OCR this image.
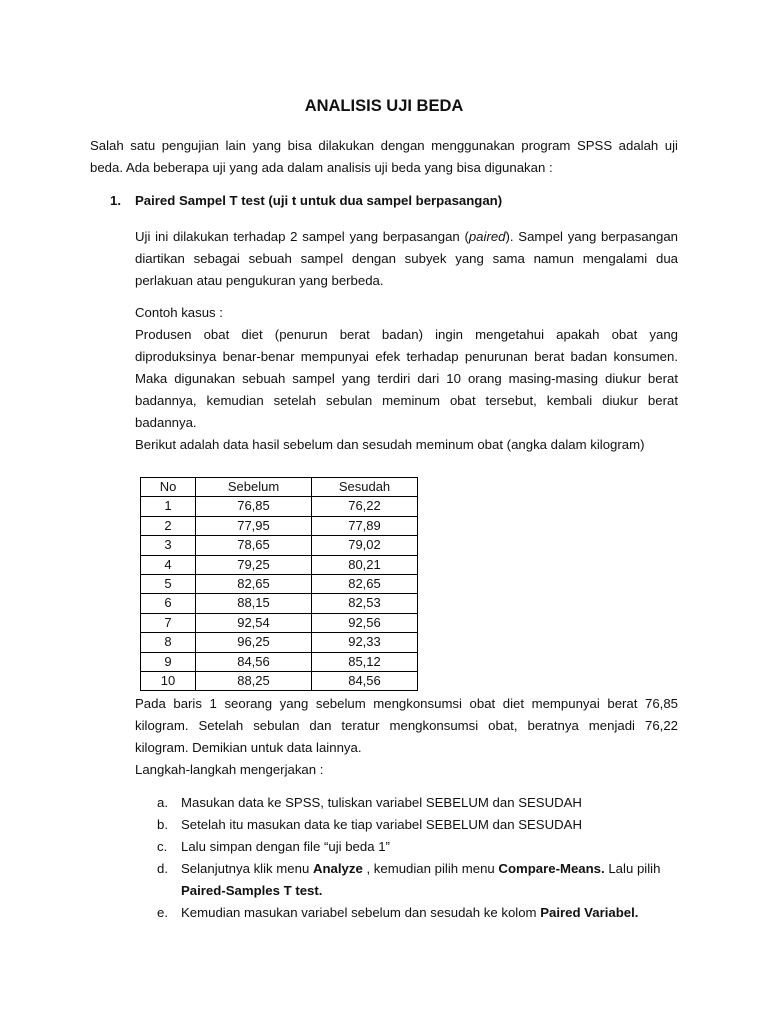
ANALISIS UJI BEDA

Salah satu pengujian lain yang bisa dilakukan dengan menggunakan program SPSS adalah uji beda. Ada beberapa uji yang ada dalam analisis uji beda yang bisa digunakan :

1. Paired Sampel T test (uji t untuk dua sampel berpasangan)

Uji ini dilakukan terhadap 2 sampel yang berpasangan (paired). Sampel yang berpasangan diartikan sebagai sebuah sampel dengan subyek yang sama namun mengalami dua perlakuan atau pengukuran yang berbeda.

Contoh kasus :

Produsen obat diet (penurun berat badan) ingin mengetahui apakah obat yang diproduksinya benar-benar mempunyai efek terhadap penurunan berat badan konsumen. Maka digunakan sebuah sampel yang terdiri dari 10 orang masing-masing diukur berat badannya, kemudian setelah sebulan meminum obat tersebut, kembali diukur berat badannya.

Berikut adalah data hasil sebelum dan sesudah meminum obat (angka dalam kilogram)
No	Sebelum	Sesudah
1	76,85	76,22
2	77,95	77,89
3	78,65	79,02
4	79,25	80,21
5	82,65	82,65
6	88,15	82,53
7	92,54	92,56
8	96,25	92,33
9	84,56	85,12
10	88,25	84,56

Pada baris 1 seorang yang sebelum mengkonsumsi obat diet mempunyai berat 76,85 kilogram. Setelah sebulan dan teratur mengkonsumsi obat, beratnya menjadi 76,22 kilogram. Demikian untuk data lainnya.

Langkah-langkah mengerjakan :
a. Masukan data ke SPSS, tuliskan variabel SEBELUM dan SESUDAH
b. Setelah itu masukan data ke tiap variabel SEBELUM dan SESUDAH
c. Lalu simpan dengan file “uji beda 1”
d. Selanjutnya klik menu Analyze , kemudian pilih menu Compare-Means. Lalu pilih Paired-Samples T test.
e. Kemudian masukan variabel sebelum dan sesudah ke kolom Paired Variabel.
